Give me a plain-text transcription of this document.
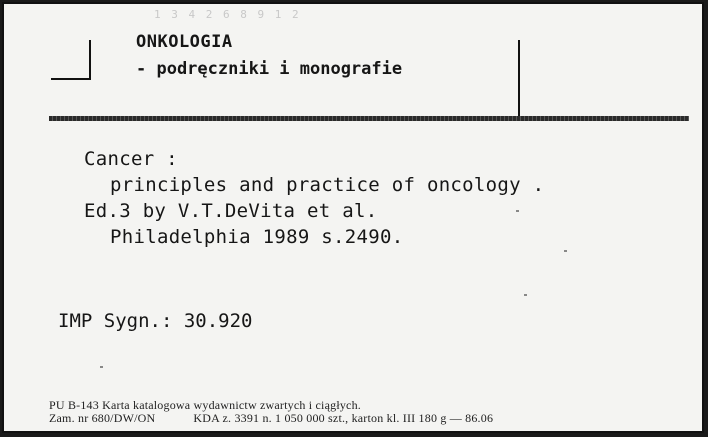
1 3 4 2 6 8 9 1 2
ONKOLOGIA
- podręczniki i monografie
Cancer :
principles and practice of oncology .
Ed.3 by V.T.DeVita et al.
Philadelphia 1989 s.2490.
IMP Sygn.: 30.920
PU B-143 Karta katalogowa wydawnictw zwartych i ciągłych.
Zam. nr 680/DW/ON	KDA z. 3391 n. 1 050 000 szt., karton kl. III 180 g — 86.06
